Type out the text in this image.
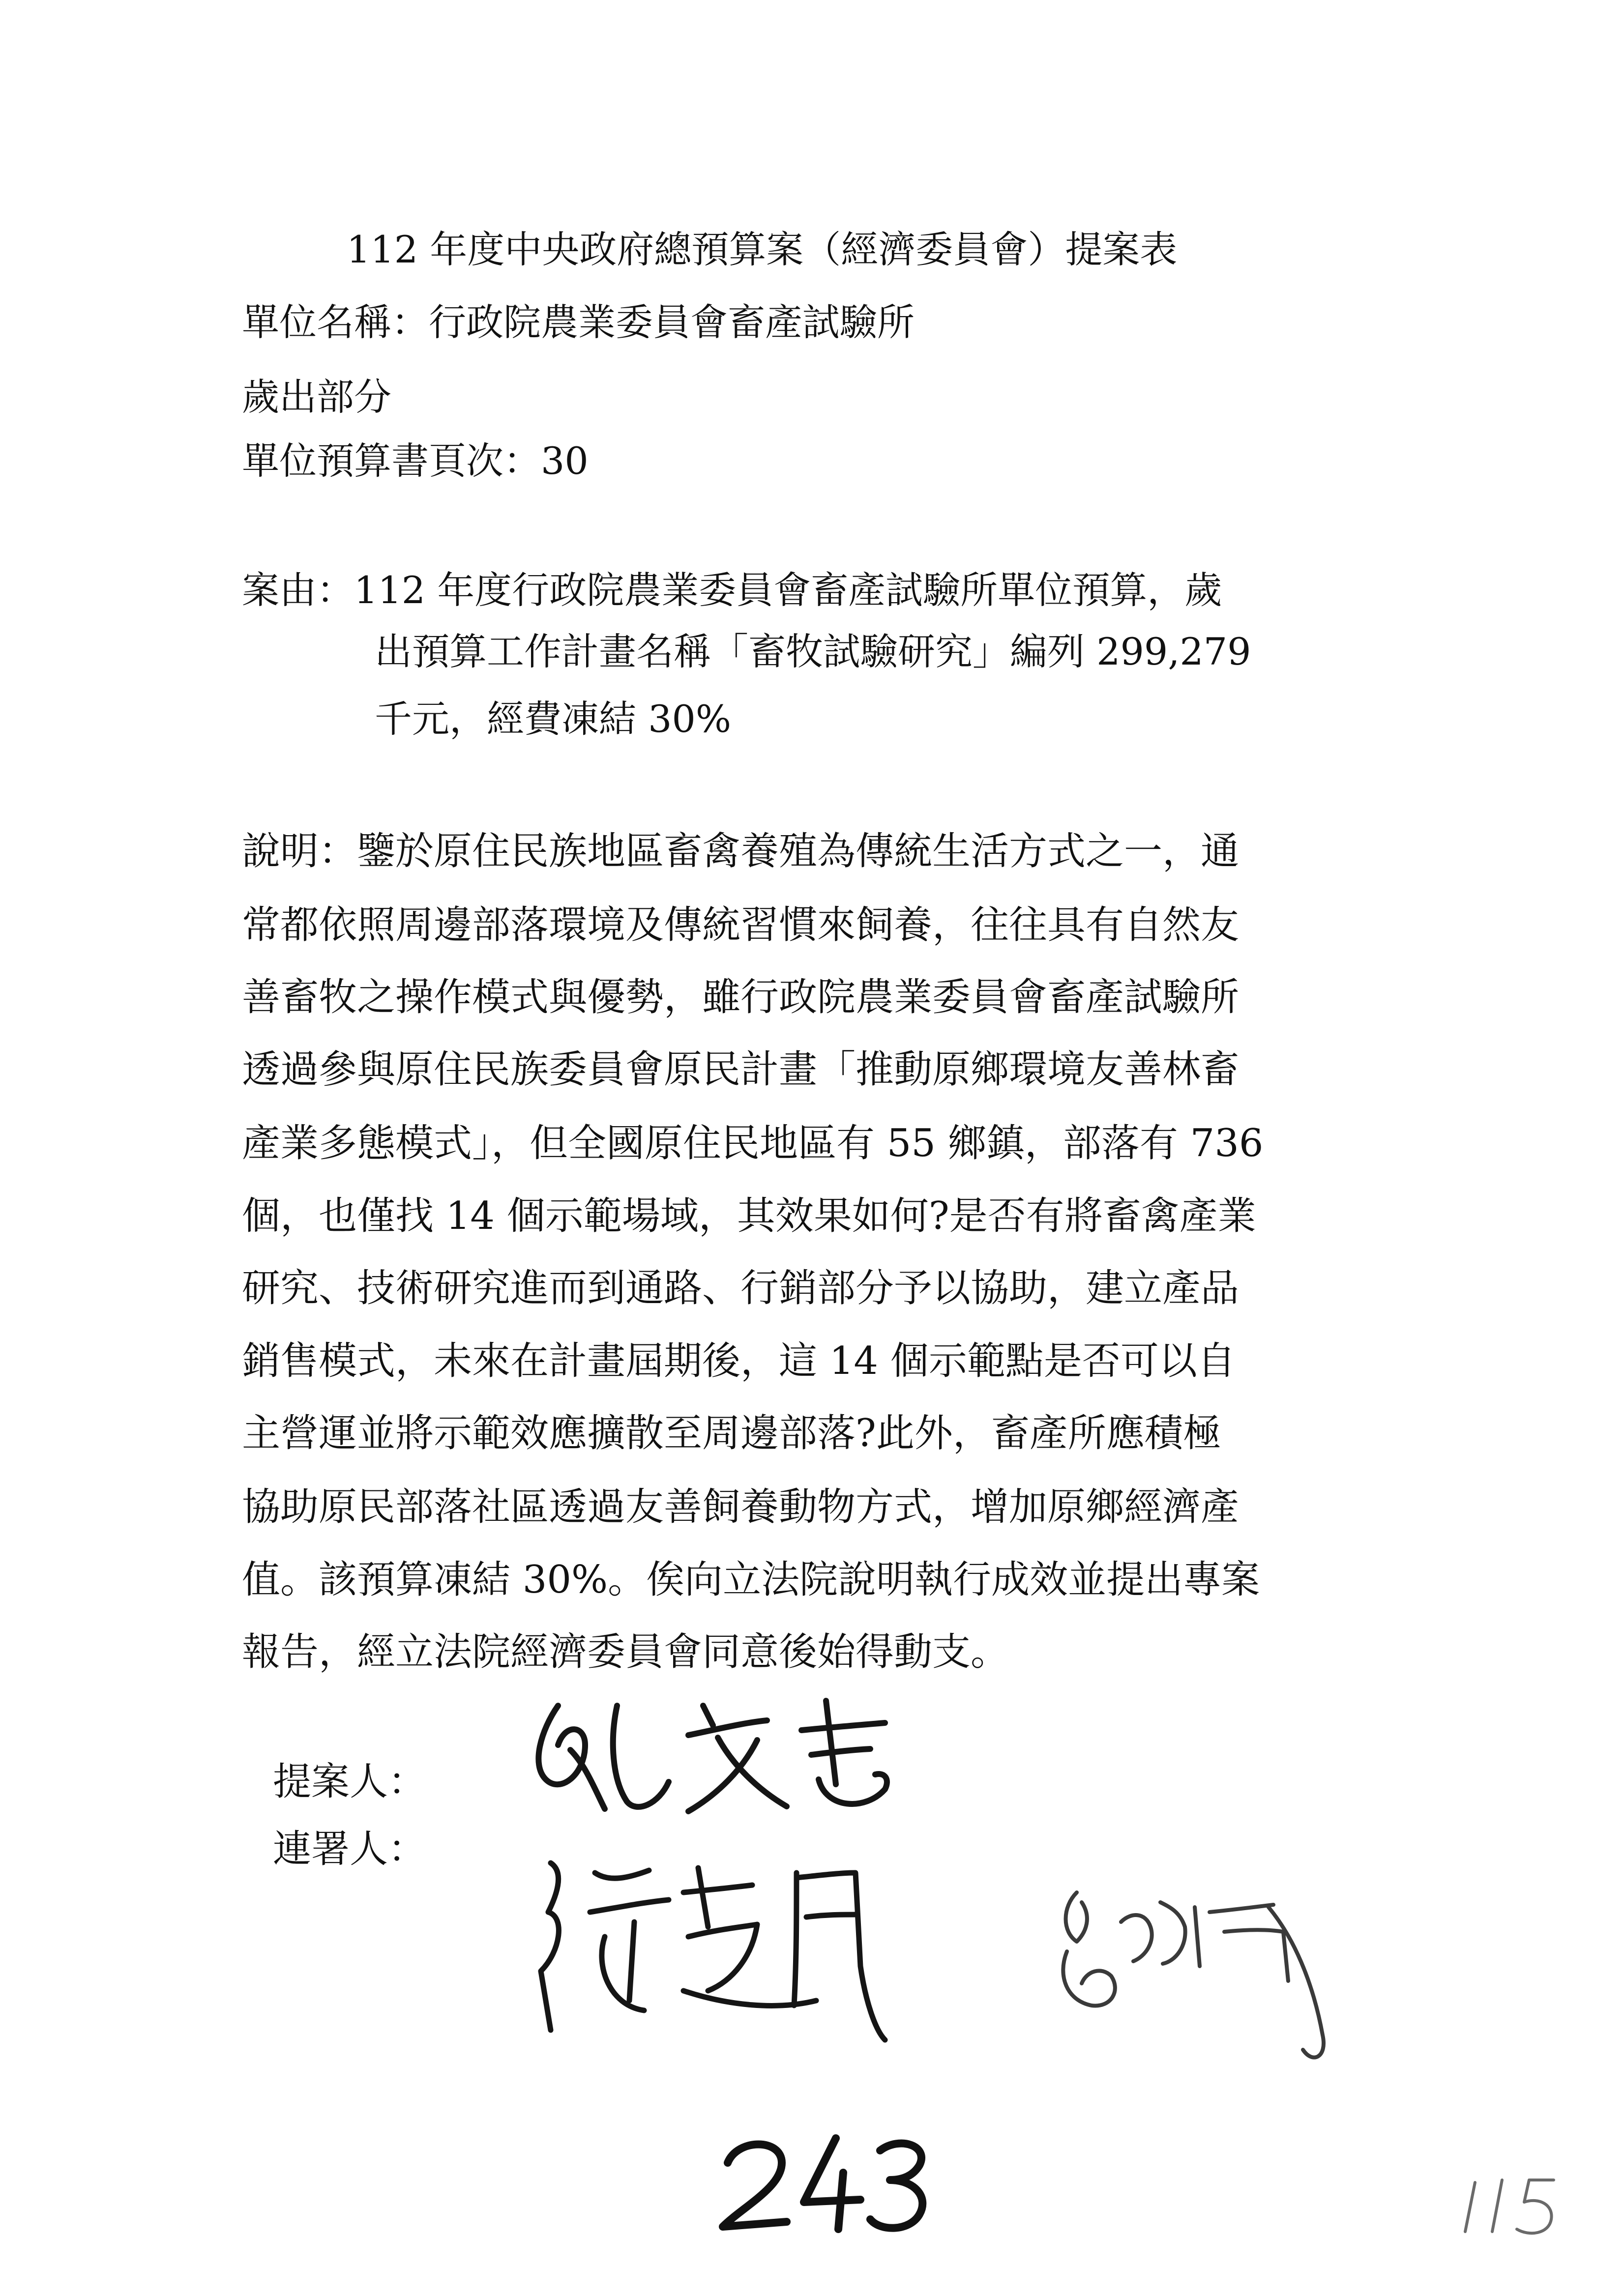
112 年度中央政府總預算案（經濟委員會）提案表
單位名稱：行政院農業委員會畜產試驗所
歲出部分
單位預算書頁次：30
案由：112 年度行政院農業委員會畜產試驗所單位預算，歲
出預算工作計畫名稱「畜牧試驗研究」編列 299,279
千元，經費凍結 30%
說明：鑒於原住民族地區畜禽養殖為傳統生活方式之一，通
常都依照周邊部落環境及傳統習慣來飼養，往往具有自然友
善畜牧之操作模式與優勢，雖行政院農業委員會畜產試驗所
透過參與原住民族委員會原民計畫「推動原鄉環境友善林畜
產業多態模式」，但全國原住民地區有 55 鄉鎮，部落有 736
個，也僅找 14 個示範場域，其效果如何?是否有將畜禽產業
研究、技術研究進而到通路、行銷部分予以協助，建立產品
銷售模式，未來在計畫屆期後，這 14 個示範點是否可以自
主營運並將示範效應擴散至周邊部落?此外，畜產所應積極
協助原民部落社區透過友善飼養動物方式，增加原鄉經濟產
值。該預算凍結 30%。俟向立法院說明執行成效並提出專案
報告，經立法院經濟委員會同意後始得動支。
提案人：
連署人：
